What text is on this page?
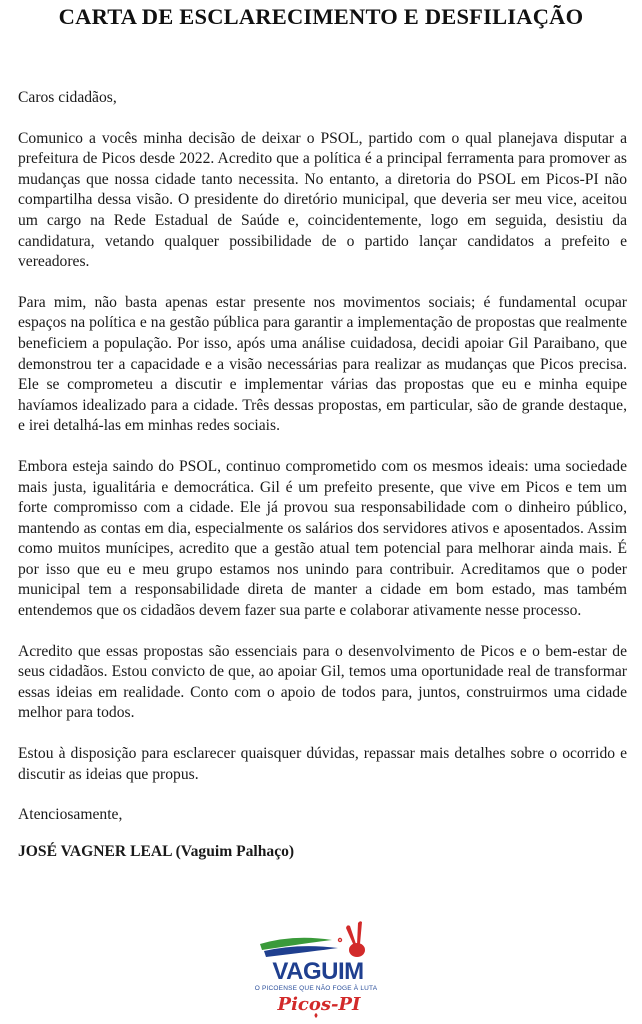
CARTA DE ESCLARECIMENTO E DESFILIAÇÃO

Caros cidadãos,

Comunico a vocês minha decisão de deixar o PSOL, partido com o qual planejava disputar a prefeitura de Picos desde 2022. Acredito que a política é a principal ferramenta para promover as mudanças que nossa cidade tanto necessita. No entanto, a diretoria do PSOL em Picos-PI não compartilha dessa visão. O presidente do diretório municipal, que deveria ser meu vice, aceitou um cargo na Rede Estadual de Saúde e, coincidentemente, logo em seguida, desistiu da candidatura, vetando qualquer possibilidade de o partido lançar candidatos a prefeito e vereadores.

Para mim, não basta apenas estar presente nos movimentos sociais; é fundamental ocupar espaços na política e na gestão pública para garantir a implementação de propostas que realmente beneficiem a população. Por isso, após uma análise cuidadosa, decidi apoiar Gil Paraibano, que demonstrou ter a capacidade e a visão necessárias para realizar as mudanças que Picos precisa. Ele se comprometeu a discutir e implementar várias das propostas que eu e minha equipe havíamos idealizado para a cidade. Três dessas propostas, em particular, são de grande destaque, e irei detalhá-las em minhas redes sociais.

Embora esteja saindo do PSOL, continuo comprometido com os mesmos ideais: uma sociedade mais justa, igualitária e democrática. Gil é um prefeito presente, que vive em Picos e tem um forte compromisso com a cidade. Ele já provou sua responsabilidade com o dinheiro público, mantendo as contas em dia, especialmente os salários dos servidores ativos e aposentados. Assim como muitos munícipes, acredito que a gestão atual tem potencial para melhorar ainda mais. É por isso que eu e meu grupo estamos nos unindo para contribuir. Acreditamos que o poder municipal tem a responsabilidade direta de manter a cidade em bom estado, mas também entendemos que os cidadãos devem fazer sua parte e colaborar ativamente nesse processo.

Acredito que essas propostas são essenciais para o desenvolvimento de Picos e o bem-estar de seus cidadãos. Estou convicto de que, ao apoiar Gil, temos uma oportunidade real de transformar essas ideias em realidade. Conto com o apoio de todos para, juntos, construirmos uma cidade melhor para todos.

Estou à disposição para esclarecer quaisquer dúvidas, repassar mais detalhes sobre o ocorrido e discutir as ideias que propus.

Atenciosamente,

JOSÉ VAGNER LEAL (Vaguim Palhaço)

VAGUIM
O PICOENSE QUE NÃO FOGE À LUTA
Picos-PI
